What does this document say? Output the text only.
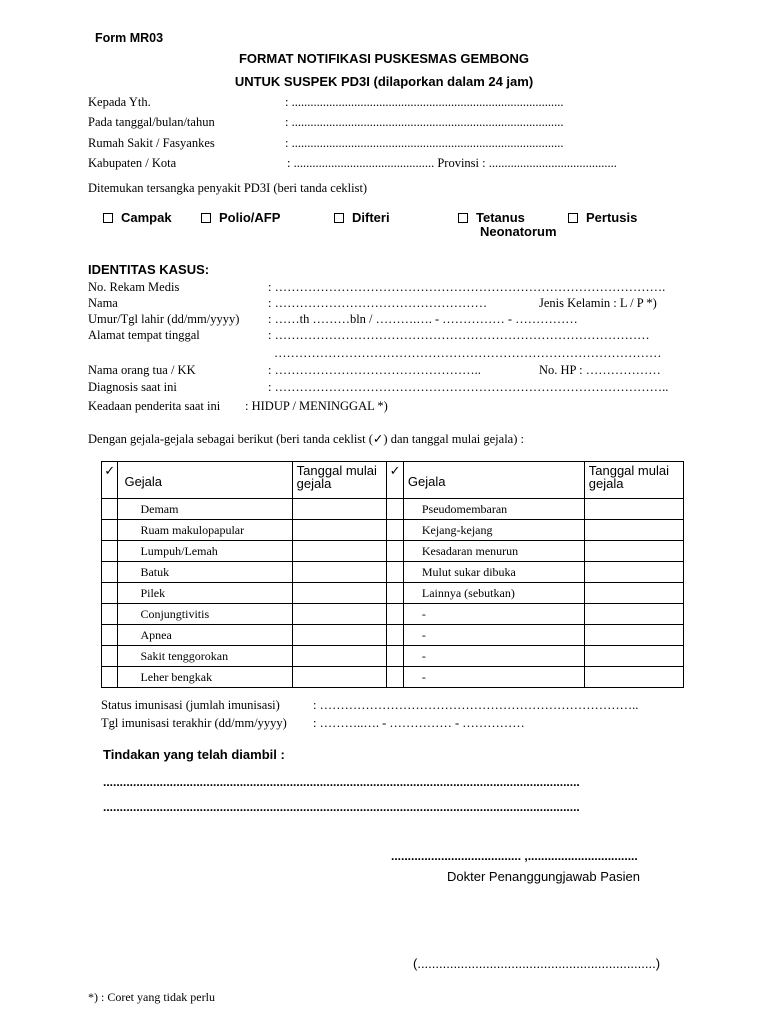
Form MR03
FORMAT NOTIFIKASI PUSKESMAS GEMBONG
UNTUK SUSPEK PD3I (dilaporkan dalam 24 jam)
Kepada Yth.	: .......................................................................................
Pada tanggal/bulan/tahun	: .......................................................................................
Rumah Sakit / Fasyankes	: .......................................................................................
Kabupaten / Kota	: ............................................. Provinsi : .........................................
Ditemukan tersangka penyakit PD3I (beri tanda ceklist)
Campak	Polio/AFP	Difteri	Tetanus
Neonatorum
Pertusis
IDENTITAS KASUS:
No. Rekam Medis	: ………………………………………………………………………………….
Nama	: ……………………………………………	Jenis Kelamin : L / P *)
Umur/Tgl lahir (dd/mm/yyyy) : ……th ………bln / ……….…. - …………… - ……………
Alamat tempat tinggal	: ………………………………………………………………………………
…………………………………………………………………………………
Nama orang tua / KK	: …………………………………………..	No. HP : ………………
Diagnosis saat ini	: …………………………………………………………………………………..
Keadaan penderita saat ini : HIDUP / MENINGGAL *)
Dengan gejala-gejala sebagai berikut (beri tanda ceklist (✓) dan tanggal mulai gejala) :
✓	Gejala	Tanggal mulai gejala	✓	Gejala	Tanggal mulai gejala
	Demam			Pseudomembaran	
	Ruam makulopapular			Kejang-kejang	
	Lumpuh/Lemah			Kesadaran menurun	
	Batuk			Mulut sukar dibuka	
	Pilek			Lainnya (sebutkan)	
	Conjungtivitis			-	
	Apnea			-	
	Sakit tenggorokan			-	
	Leher bengkak			-	
Status imunisasi (jumlah imunisasi)	: …………………………………………………………………..
Tgl imunisasi terakhir (dd/mm/yyyy) : ………..…. - …………… - ……………
Tindakan yang telah diambil :
...............................................................................................................................................
...............................................................................................................................................
....................................... ,.................................
Dokter Penanggungjawab Pasien
(..................................................................)
*) : Coret yang tidak perlu
